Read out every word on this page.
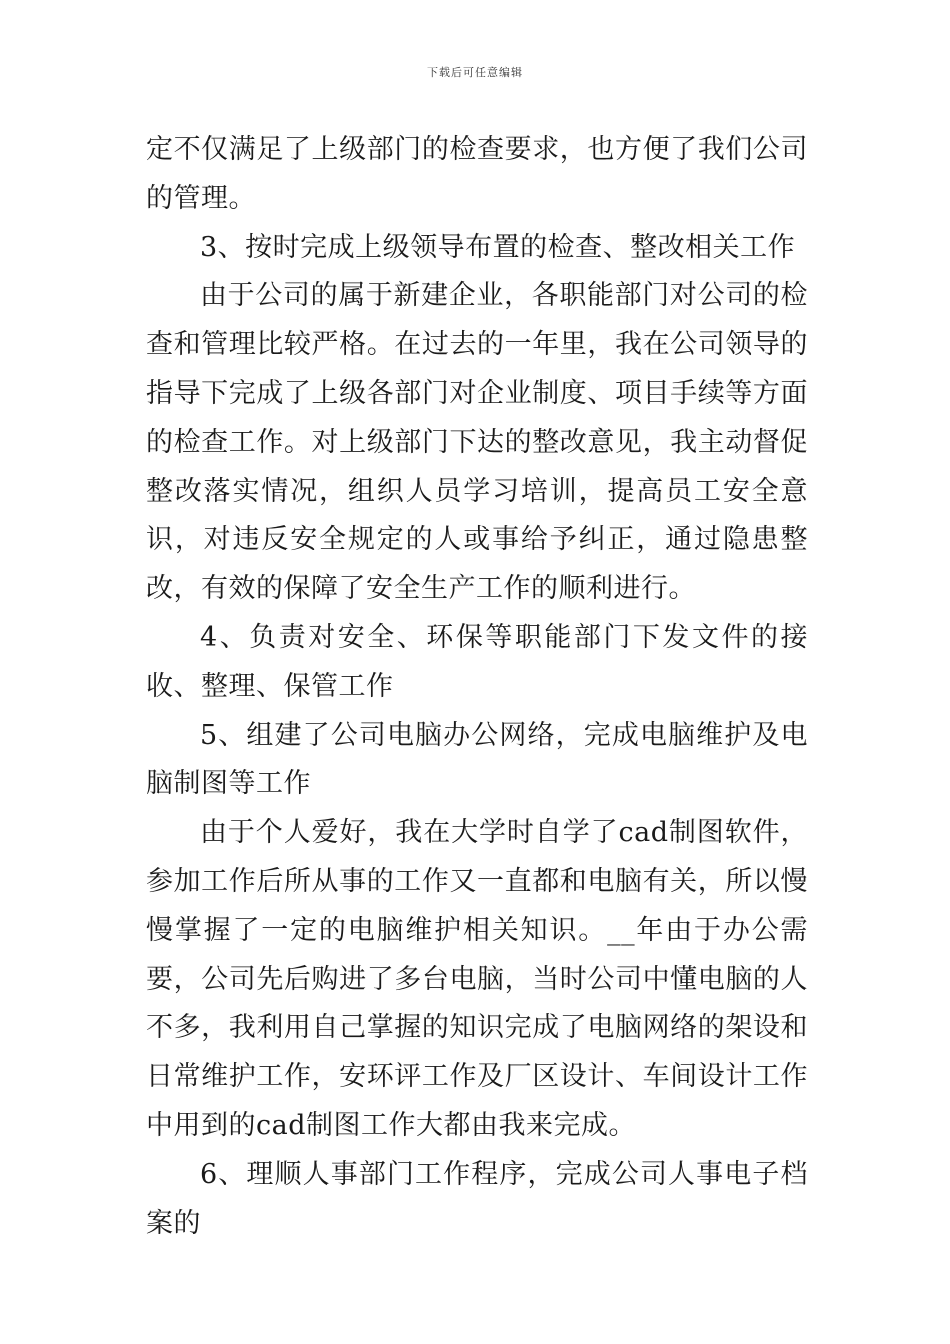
下载后可任意编辑

定不仅满足了上级部门的检查要求，也方便了我们公司的管理。

3、按时完成上级领导布置的检查、整改相关工作

由于公司的属于新建企业，各职能部门对公司的检查和管理比较严格。在过去的一年里，我在公司领导的指导下完成了上级各部门对企业制度、项目手续等方面的检查工作。对上级部门下达的整改意见，我主动督促整改落实情况，组织人员学习培训，提高员工安全意识，对违反安全规定的人或事给予纠正，通过隐患整改，有效的保障了安全生产工作的顺利进行。

4、负责对安全、环保等职能部门下发文件的接收、整理、保管工作

5、组建了公司电脑办公网络，完成电脑维护及电脑制图等工作

由于个人爱好，我在大学时自学了cad制图软件，参加工作后所从事的工作又一直都和电脑有关，所以慢慢掌握了一定的电脑维护相关知识。__年由于办公需要，公司先后购进了多台电脑，当时公司中懂电脑的人不多，我利用自己掌握的知识完成了电脑网络的架设和日常维护工作，安环评工作及厂区设计、车间设计工作中用到的cad制图工作大都由我来完成。

6、理顺人事部门工作程序，完成公司人事电子档案的
